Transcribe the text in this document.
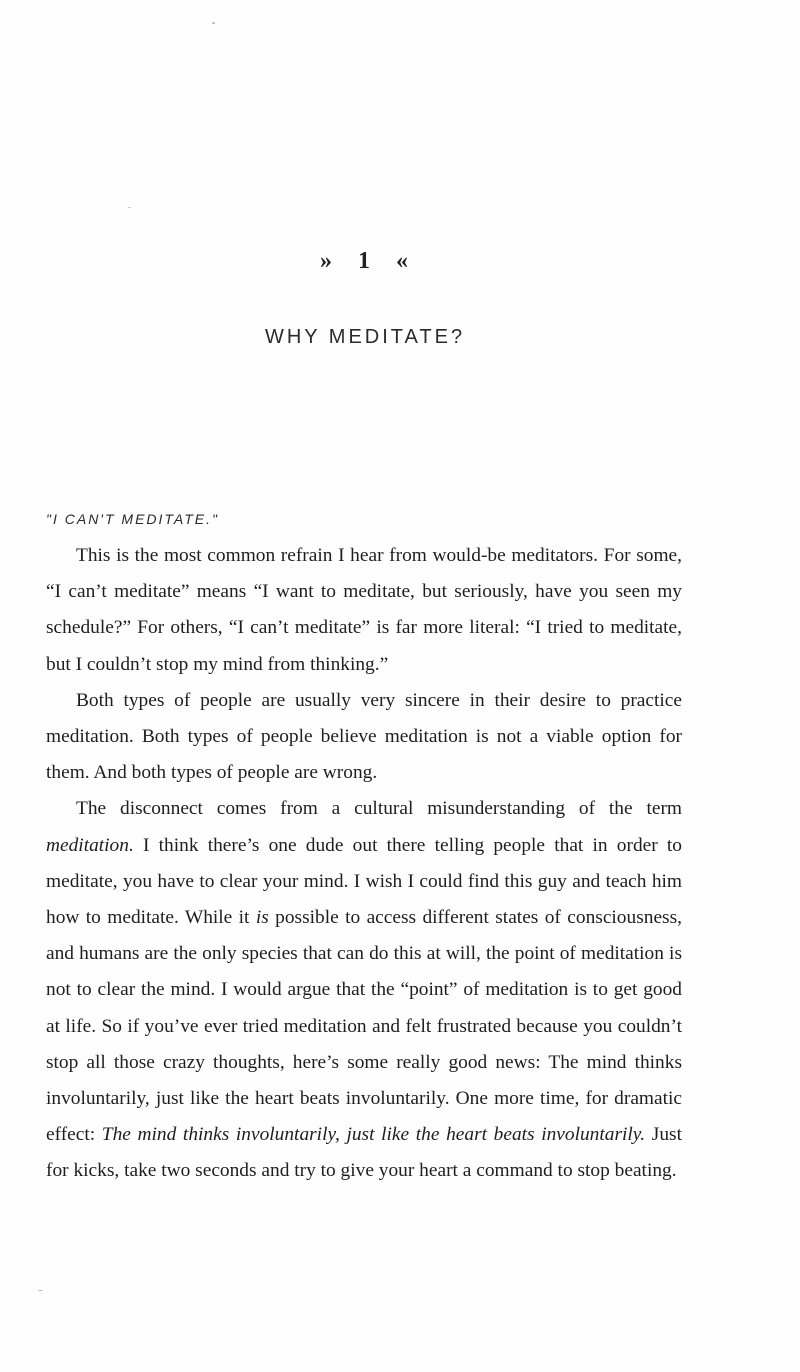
» 1 «
WHY MEDITATE?
"I CAN'T MEDITATE."

This is the most common refrain I hear from would-be meditators. For some, “I can’t meditate” means “I want to meditate, but seriously, have you seen my schedule?” For others, “I can’t meditate” is far more literal: “I tried to meditate, but I couldn’t stop my mind from thinking.”

Both types of people are usually very sincere in their desire to practice meditation. Both types of people believe meditation is not a viable option for them. And both types of people are wrong.

The disconnect comes from a cultural misunderstanding of the term meditation. I think there’s one dude out there telling people that in order to meditate, you have to clear your mind. I wish I could find this guy and teach him how to meditate. While it is possible to access different states of consciousness, and humans are the only species that can do this at will, the point of meditation is not to clear the mind. I would argue that the “point” of meditation is to get good at life. So if you’ve ever tried meditation and felt frustrated because you couldn’t stop all those crazy thoughts, here’s some really good news: The mind thinks involuntarily, just like the heart beats involuntarily. One more time, for dramatic effect: The mind thinks involuntarily, just like the heart beats involuntarily. Just for kicks, take two seconds and try to give your heart a command to stop beating.
